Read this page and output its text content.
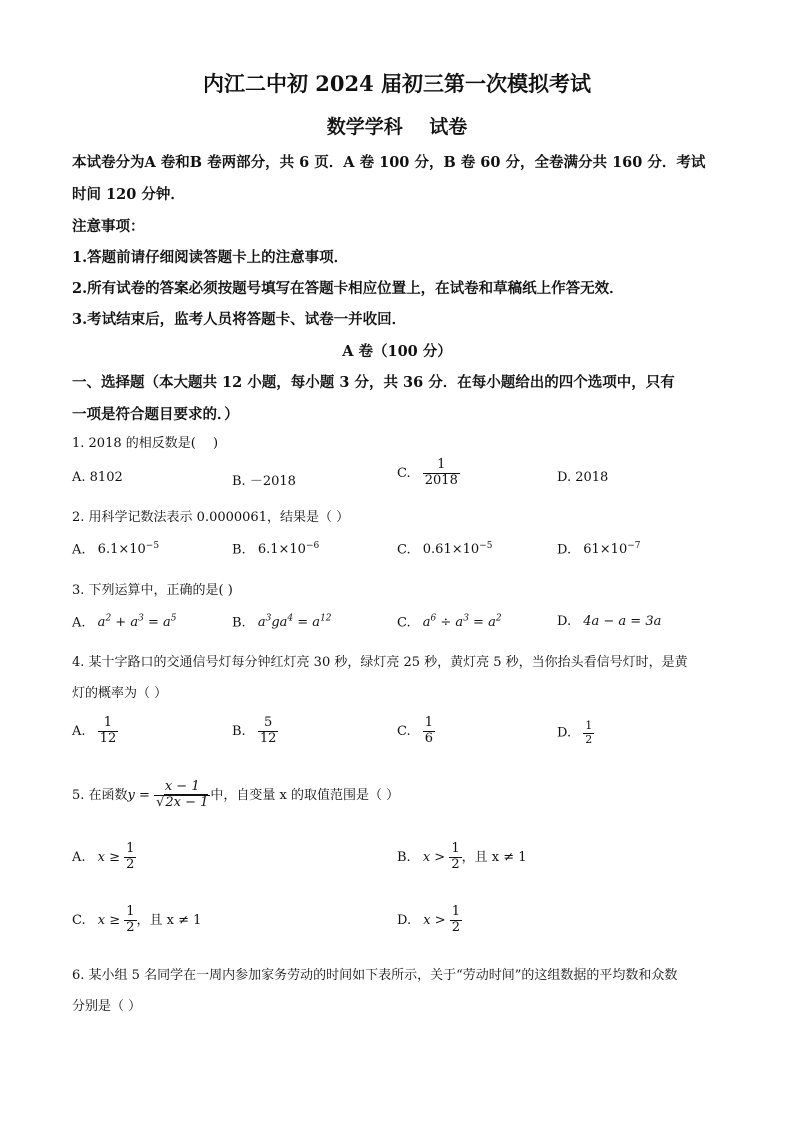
内江二中初 2024 届初三第一次模拟考试
数学学科    试卷
本试卷分为A 卷和B 卷两部分，共 6 页．A 卷 100 分，B 卷 60 分，全卷满分共 160 分．考试
时间 120 分钟．
注意事项：
1.答题前请仔细阅读答题卡上的注意事项．
2.所有试卷的答案必须按题号填写在答题卡相应位置上，在试卷和草稿纸上作答无效．
3.考试结束后，监考人员将答题卡、试卷一并收回．
A 卷（100 分）
一、选择题（本大题共 12 小题，每小题 3 分，共 36 分．在每小题给出的四个选项中，只有
一项是符合题目要求的．）
1. 2018 的相反数是(　 )
A. 8102	B. －2018
C. $\frac{1}{2018}$	D. 2018
2. 用科学记数法表示 0.0000061，结果是（ ）
A. $6.1\times 10^{-5}$	B. $6.1\times 10^{-6}$	C. $0.61\times 10^{-5}$	D. $61\times 10^{-7}$
3. 下列运算中，正确的是( )
A. $a^2 + a^3 = a^5$	B. $a^3ga^4 = a^{12}$	C. $a^6 \div a^3 = a^2$	D. 4a − a = 3a
4. 某十字路口的交通信号灯每分钟红灯亮 30 秒，绿灯亮 25 秒，黄灯亮 5 秒，当你抬头看信号灯时，是黄
灯的概率为（ ）
A. $\frac{1}{12}$	B. $\frac{5}{12}$	C. $\frac{1}{6}$	D. $\frac{1}{2}$
5. 在函数$y = \frac{x - 1}{√2x - 1}$ 中，自变量 x 的取值范围是（ ）
A. $x \ge \frac{1}{2}$	B. $x > \frac{1}{2}$ ，且 x ≠ 1
C. $x \ge \frac{1}{2}$ ，且 x ≠ 1	D. $x > \frac{1}{2}$
6. 某小组 5 名同学在一周内参加家务劳动的时间如下表所示，关于“劳动时间”的这组数据的平均数和众数
分别是（ ）
